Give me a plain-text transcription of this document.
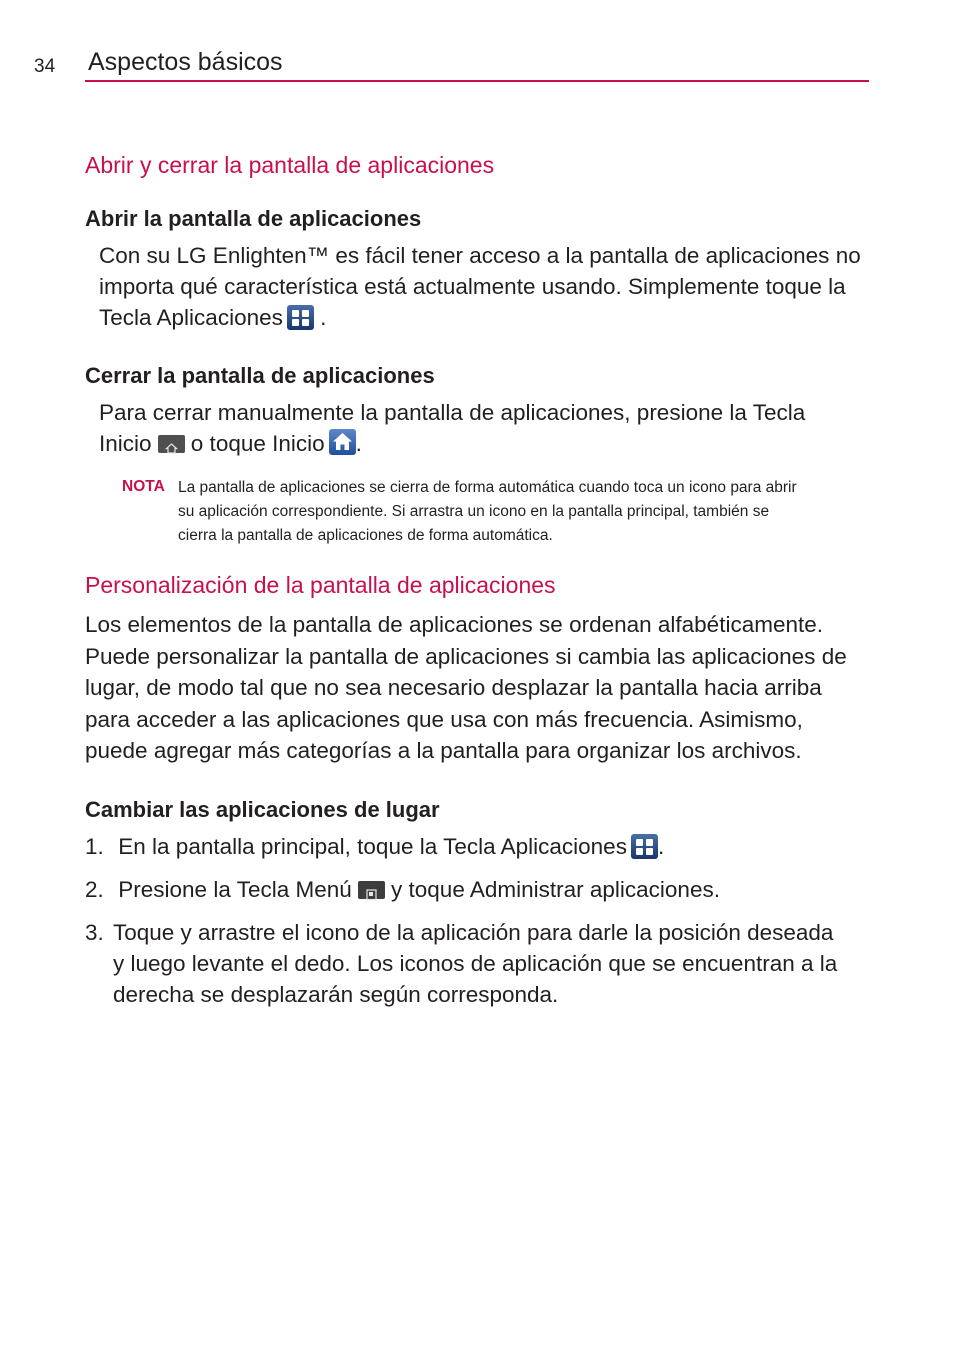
34 Aspectos básicos
Abrir y cerrar la pantalla de aplicaciones
Abrir la pantalla de aplicaciones
Con su LG Enlighten™ es fácil tener acceso a la pantalla de aplicaciones no
importa qué característica está actualmente usando. Simplemente toque la
Tecla Aplicaciones .
Cerrar la pantalla de aplicaciones
Para cerrar manualmente la pantalla de aplicaciones, presione la Tecla
Inicio o toque Inicio .
NOTA La pantalla de aplicaciones se cierra de forma automática cuando toca un icono para abrir
su aplicación correspondiente. Si arrastra un icono en la pantalla principal, también se
cierra la pantalla de aplicaciones de forma automática.
Personalización de la pantalla de aplicaciones
Los elementos de la pantalla de aplicaciones se ordenan alfabéticamente.
Puede personalizar la pantalla de aplicaciones si cambia las aplicaciones de
lugar, de modo tal que no sea necesario desplazar la pantalla hacia arriba
para acceder a las aplicaciones que usa con más frecuencia. Asimismo,
puede agregar más categorías a la pantalla para organizar los archivos.
Cambiar las aplicaciones de lugar
1. En la pantalla principal, toque la Tecla Aplicaciones .
2. Presione la Tecla Menú y toque Administrar aplicaciones.
3. Toque y arrastre el icono de la aplicación para darle la posición deseada
y luego levante el dedo. Los iconos de aplicación que se encuentran a la
derecha se desplazarán según corresponda.
